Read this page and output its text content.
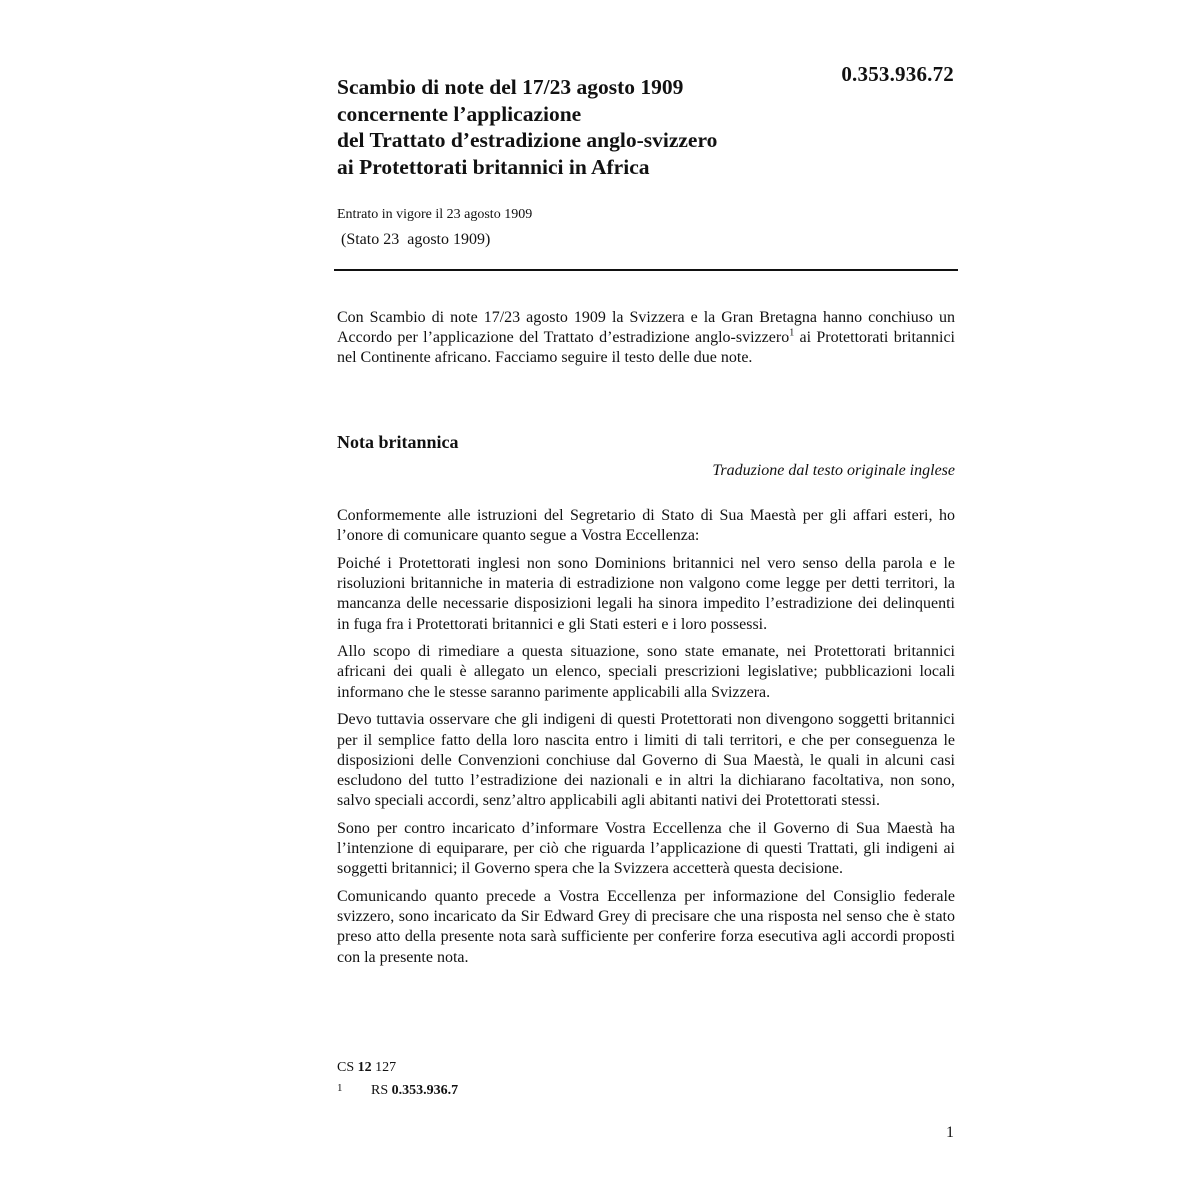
0.353.936.72
Scambio di note del 17/23 agosto 1909
concernente l’applicazione
del Trattato d’estradizione anglo-svizzero
ai Protettorati britannici in Africa
Entrato in vigore il 23 agosto 1909
(Stato 23  agosto 1909)

Con Scambio di note 17/23 agosto 1909 la Svizzera e la Gran Bretagna hanno conchiuso un Accordo per l’applicazione del Trattato d’estradizione anglo-svizzero$^1$ ai Protettorati britannici nel Continente africano. Facciamo seguire il testo delle due note.

Nota britannica
Traduzione dal testo originale inglese

Conformemente alle istruzioni del Segretario di Stato di Sua Maestà per gli affari esteri, ho l’onore di comunicare quanto segue a Vostra Eccellenza:

Poiché i Protettorati inglesi non sono Dominions britannici nel vero senso della parola e le risoluzioni britanniche in materia di estradizione non valgono come legge per detti territori, la mancanza delle necessarie disposizioni legali ha sinora impedito l’estradizione dei delinquenti in fuga fra i Protettorati britannici e gli Stati esteri e i loro possessi.

Allo scopo di rimediare a questa situazione, sono state emanate, nei Protettorati britannici africani dei quali è allegato un elenco, speciali prescrizioni legislative; pubblicazioni locali informano che le stesse saranno parimente applicabili alla Svizzera.

Devo tuttavia osservare che gli indigeni di questi Protettorati non divengono soggetti britannici per il semplice fatto della loro nascita entro i limiti di tali territori, e che per conseguenza le disposizioni delle Convenzioni conchiuse dal Governo di Sua Maestà, le quali in alcuni casi escludono del tutto l’estradizione dei nazionali e in altri la dichiarano facoltativa, non sono, salvo speciali accordi, senz’altro applicabili agli abitanti nativi dei Protettorati stessi.

Sono per contro incaricato d’informare Vostra Eccellenza che il Governo di Sua Maestà ha l’intenzione di equiparare, per ciò che riguarda l’applicazione di questi Trattati, gli indigeni ai soggetti britannici; il Governo spera che la Svizzera accetterà questa decisione.

Comunicando quanto precede a Vostra Eccellenza per informazione del Consiglio federale svizzero, sono incaricato da Sir Edward Grey di precisare che una risposta nel senso che è stato preso atto della presente nota sarà sufficiente per conferire forza esecutiva agli accordi proposti con la presente nota.

CS 12 127
1 RS 0.353.936.7
1
